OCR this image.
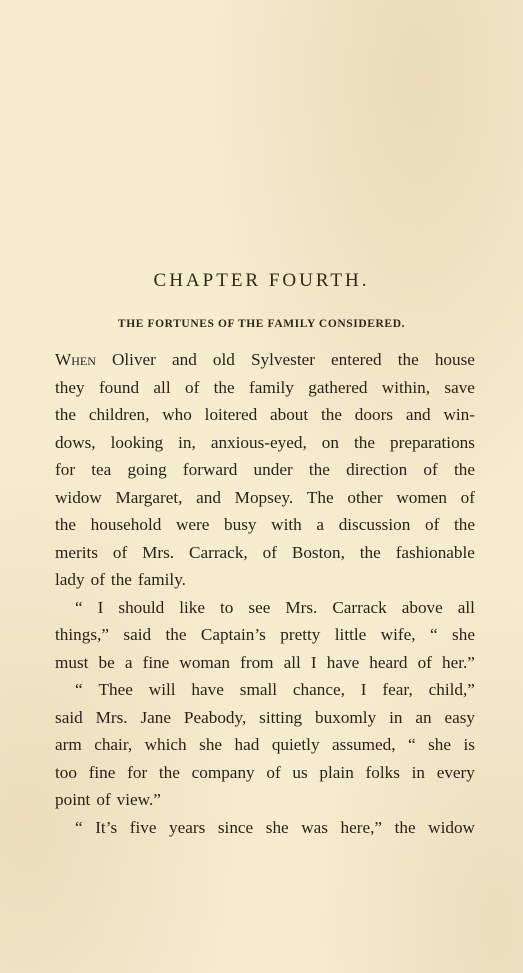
CHAPTER FOURTH.
THE FORTUNES OF THE FAMILY CONSIDERED.
When Oliver and old Sylvester entered the house
they found all of the family gathered within, save
the children, who loitered about the doors and win-
dows, looking in, anxious-eyed, on the preparations
for tea going forward under the direction of the
widow Margaret, and Mopsey. The other women of
the household were busy with a discussion of the
merits of Mrs. Carrack, of Boston, the fashionable
lady of the family.
“ I should like to see Mrs. Carrack above all
things,” said the Captain’s pretty little wife, “ she
must be a fine woman from all I have heard of her.”
“ Thee will have small chance, I fear, child,”
said Mrs. Jane Peabody, sitting buxomly in an easy
arm chair, which she had quietly assumed, “ she is
too fine for the company of us plain folks in every
point of view.”
“ It’s five years since she was here,” the widow
